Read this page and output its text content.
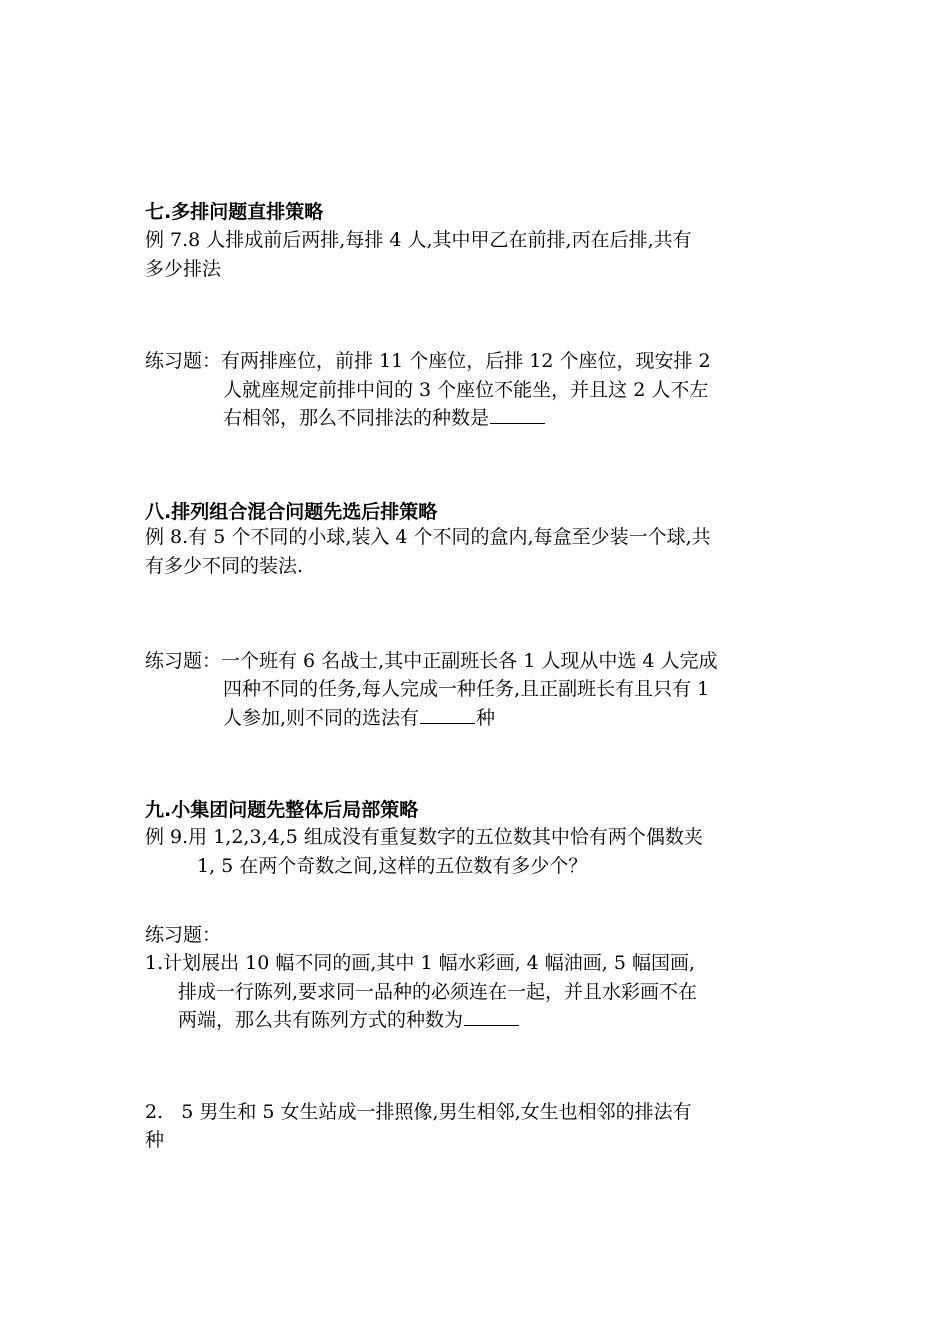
七.多排问题直排策略
例 7.8 人排成前后两排,每排 4 人,其中甲乙在前排,丙在后排,共有
多少排法
练习题：有两排座位，前排 11 个座位，后排 12 个座位，现安排 2
人就座规定前排中间的 3 个座位不能坐，并且这 2 人不左
右相邻，那么不同排法的种数是
八.排列组合混合问题先选后排策略
例 8.有 5 个不同的小球,装入 4 个不同的盒内,每盒至少装一个球,共
有多少不同的装法.
练习题：一个班有 6 名战士,其中正副班长各 1 人现从中选 4 人完成
四种不同的任务,每人完成一种任务,且正副班长有且只有 1
人参加,则不同的选法有	种
九.小集团问题先整体后局部策略
例 9.用 1,2,3,4,5 组成没有重复数字的五位数其中恰有两个偶数夹
1, 5 在两个奇数之间,这样的五位数有多少个？
练习题：
1.计划展出 10 幅不同的画,其中 1 幅水彩画, 4 幅油画, 5 幅国画,
排成一行陈列,要求同一品种的必须连在一起，并且水彩画不在
两端，那么共有陈列方式的种数为
2.   5 男生和 5 女生站成一排照像,男生相邻,女生也相邻的排法有
种
